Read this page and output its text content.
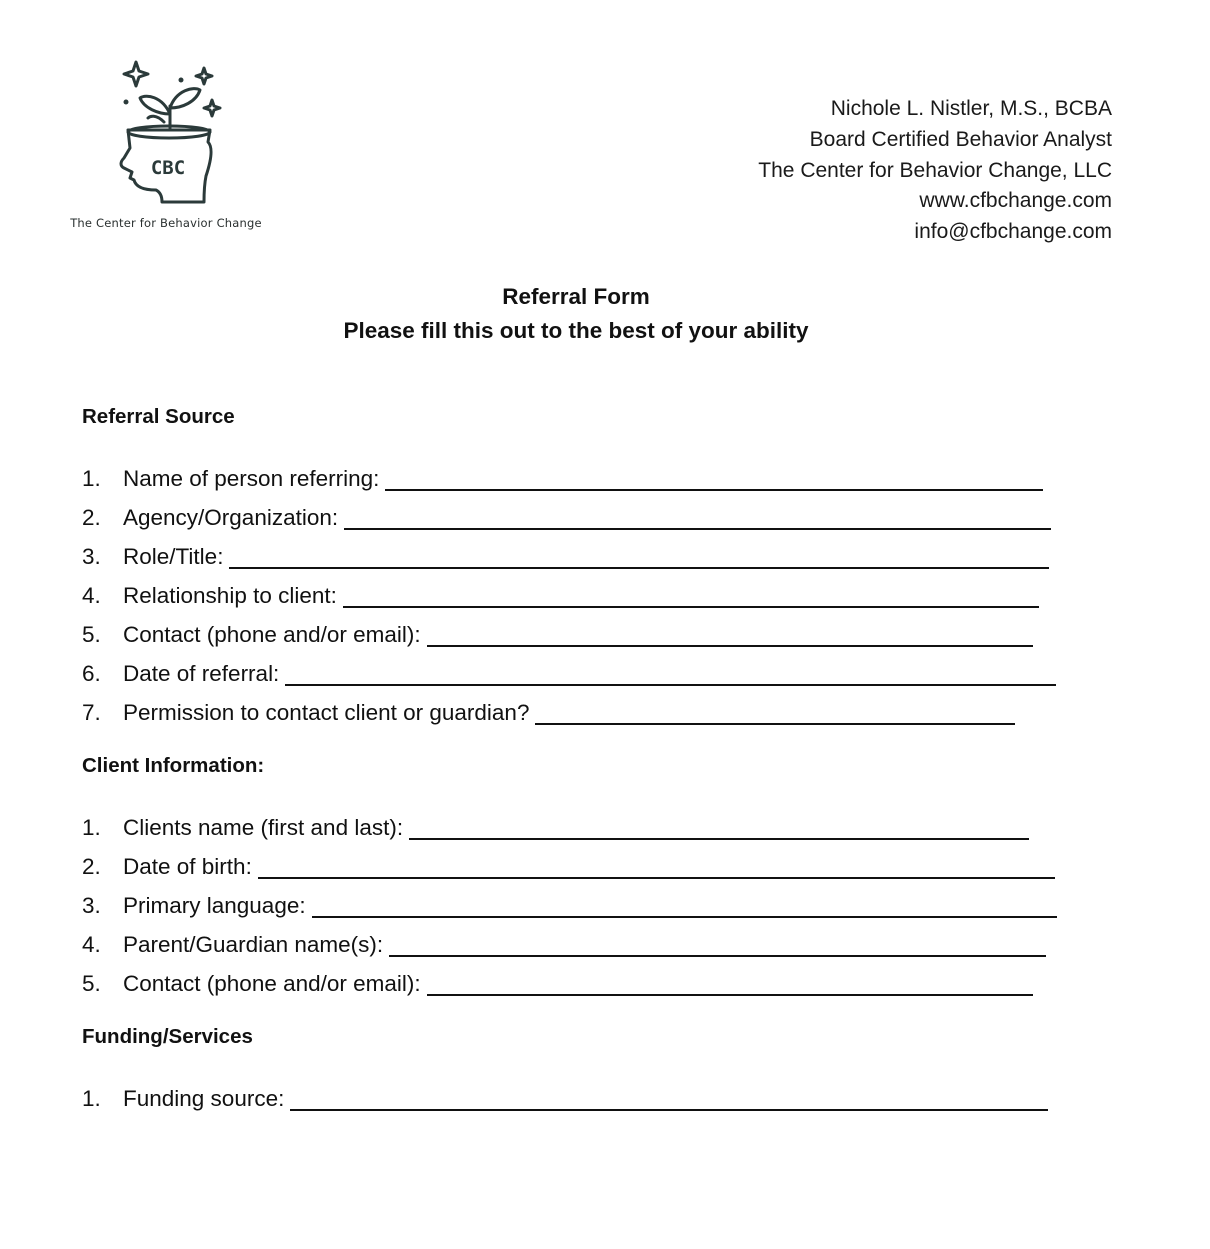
CBC
The Center for Behavior Change
Nichole L. Nistler, M.S., BCBA
Board Certified Behavior Analyst
The Center for Behavior Change, LLC
www.cfbchange.com
info@cfbchange.com
Referral Form
Please fill this out to the best of your ability
Referral Source
1. Name of person referring:
2. Agency/Organization:
3. Role/Title:
4. Relationship to client:
5. Contact (phone and/or email):
6. Date of referral:
7. Permission to contact client or guardian?
Client Information:
1. Clients name (first and last):
2. Date of birth:
3. Primary language:
4. Parent/Guardian name(s):
5. Contact (phone and/or email):
Funding/Services
1. Funding source:
